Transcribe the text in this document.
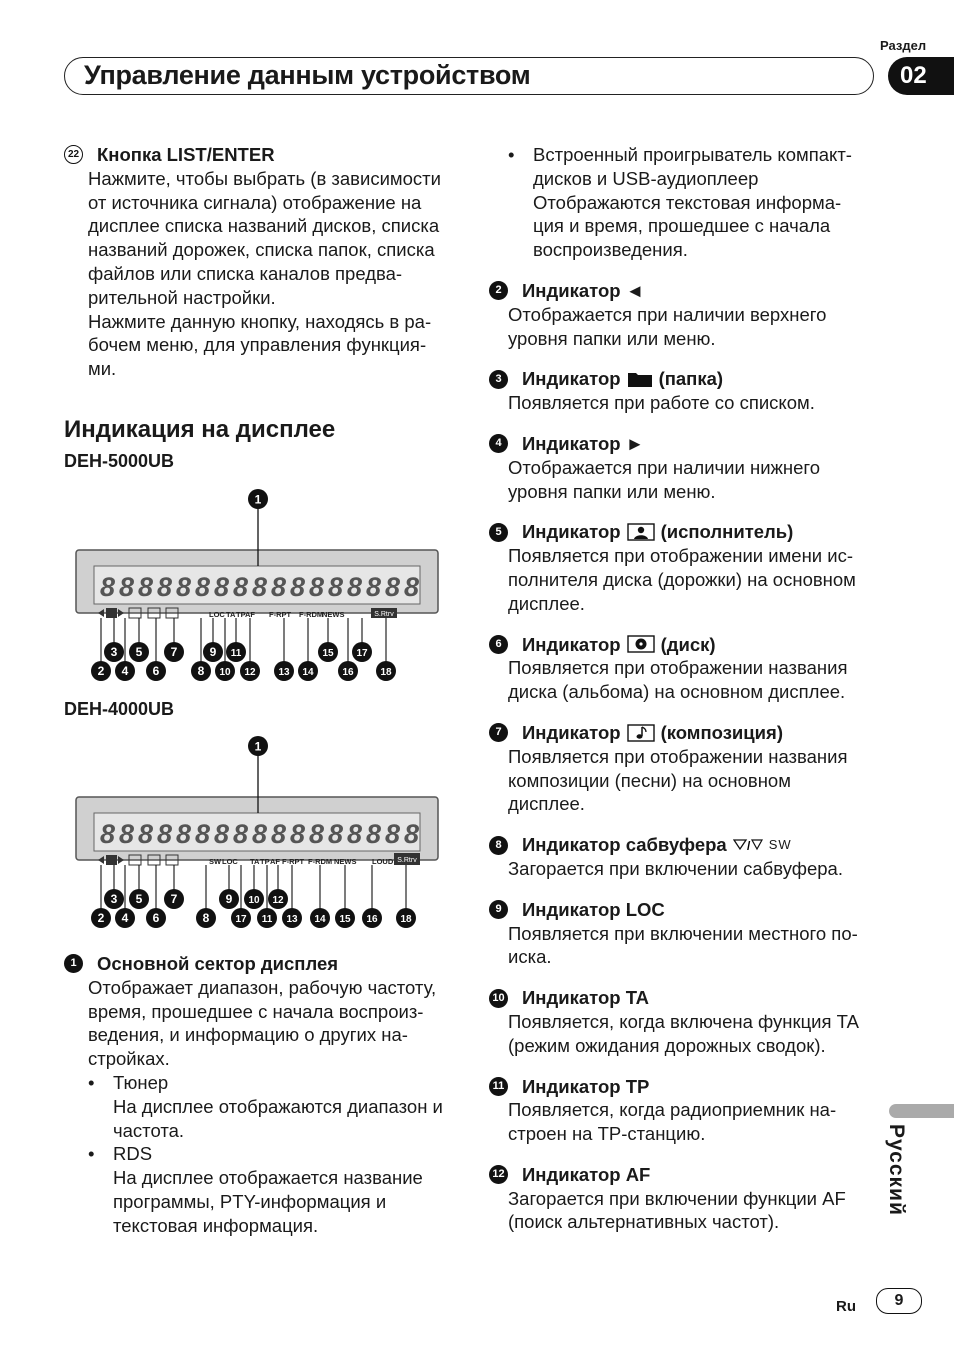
Раздел
Управление данным устройством	02

22 Кнопка LIST/ENTER

Нажмите, чтобы выбрать (в зависимости

от источника сигнала) отображение на

дисплее списка названий дисков, списка

названий дорожек, списка папок, списка

файлов или списка каналов предва-

рительной настройки.

Нажмите данную кнопку, находясь в ра-

бочем меню, для управления функция-

ми.

Индикация на дисплее
DEH-5000UB
8 8 8 8 8 8 8 8 8 8 8 8 8 8 8 8 8
1
F-RPT F-RDM
NEWS
LOC TA TP AF	S.Rtrv
3 5 7	9 11	15 17
2 4 6	8 10 12 13 14	16	18
DEH-4000UB
8 8 8 8 8 8 8 8 8 8 8 8 8 8 8 8 8
1
SW LOC TA TP AF F-RPT F-RDM NEWS LOUD S.Rtrv
3 5 7	9 10 12
2 4 6	8	17 11 13 14 15 16 18

1	Основной сектор дисплея

Отображает диапазон, рабочую частоту,

время, прошедшее с начала воспроиз-

ведения, и информацию о других на-

стройках.

•	Тюнер

На дисплее отображаются диапазон и

частота.

•	RDS

На дисплее отображается название

программы, PTY-информация и

текстовая информация.

•	Встроенный проигрыватель компакт-

дисков и USB-аудиоплеер

Отображаются текстовая информа-

ция и время, прошедшее с начала

воспроизведения.

2	Индикатор ◄

Отображается при наличии верхнего

уровня папки или меню.

3	Индикатор (папка)

Появляется при работе со списком.

4	Индикатор ►

Отображается при наличии нижнего

уровня папки или меню.

5	Индикатор (исполнитель)

Появляется при отображении имени ис-

полнителя диска (дорожки) на основном

дисплее.

6	Индикатор (диск)

Появляется при отображении названия

диска (альбома) на основном дисплее.

7	Индикатор (композиция)

Появляется при отображении названия

композиции (песни) на основном

дисплее.

8	Индикатор сабвуфера / SW

Загорается при включении сабвуфера.

9	Индикатор LOC

Появляется при включении местного по-

иска.

10 Индикатор TA

Появляется, когда включена функция TA

(режим ожидания дорожных сводок).

11 Индикатор TP

Появляется, когда радиоприемник на-

строен на TP-станцию.

12 Индикатор AF

Загорается при включении функции AF

(поиск альтернативных частот).

Русский
Ru	9
